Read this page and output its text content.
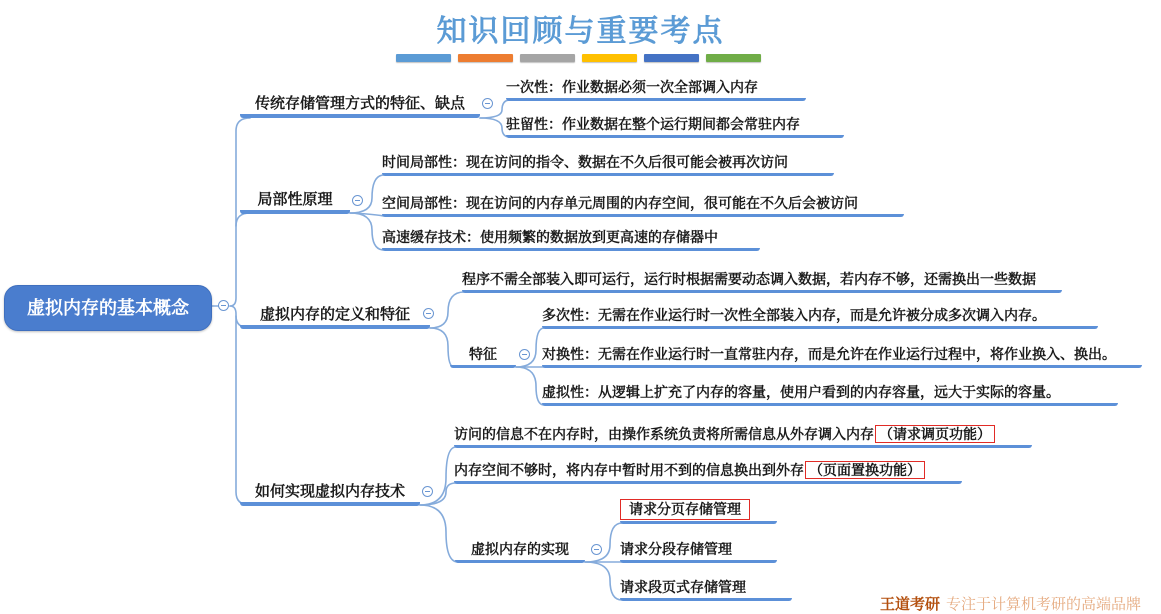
知识回顾与重要考点
虚拟内存的基本概念
传统存储管理方式的特征、缺点
一次性：作业数据必须一次全部调入内存
驻留性：作业数据在整个运行期间都会常驻内存
局部性原理
时间局部性：现在访问的指令、数据在不久后很可能会被再次访问
空间局部性：现在访问的内存单元周围的内存空间，很可能在不久后会被访问
高速缓存技术：使用频繁的数据放到更高速的存储器中
虚拟内存的定义和特征
程序不需全部装入即可运行，运行时根据需要动态调入数据，若内存不够，还需换出一些数据
特征
多次性：无需在作业运行时一次性全部装入内存，而是允许被分成多次调入内存。
对换性：无需在作业运行时一直常驻内存，而是允许在作业运行过程中，将作业换入、换出。
虚拟性：从逻辑上扩充了内存的容量，使用户看到的内存容量，远大于实际的容量。
如何实现虚拟内存技术
访问的信息不在内存时，由操作系统负责将所需信息从外存调入内存 （请求调页功能）
内存空间不够时，将内存中暂时用不到的信息换出到外存 （页面置换功能）
虚拟内存的实现
请求分页存储管理
请求分段存储管理
请求段页式存储管理
王道考研 专注于计算机考研的高端品牌
